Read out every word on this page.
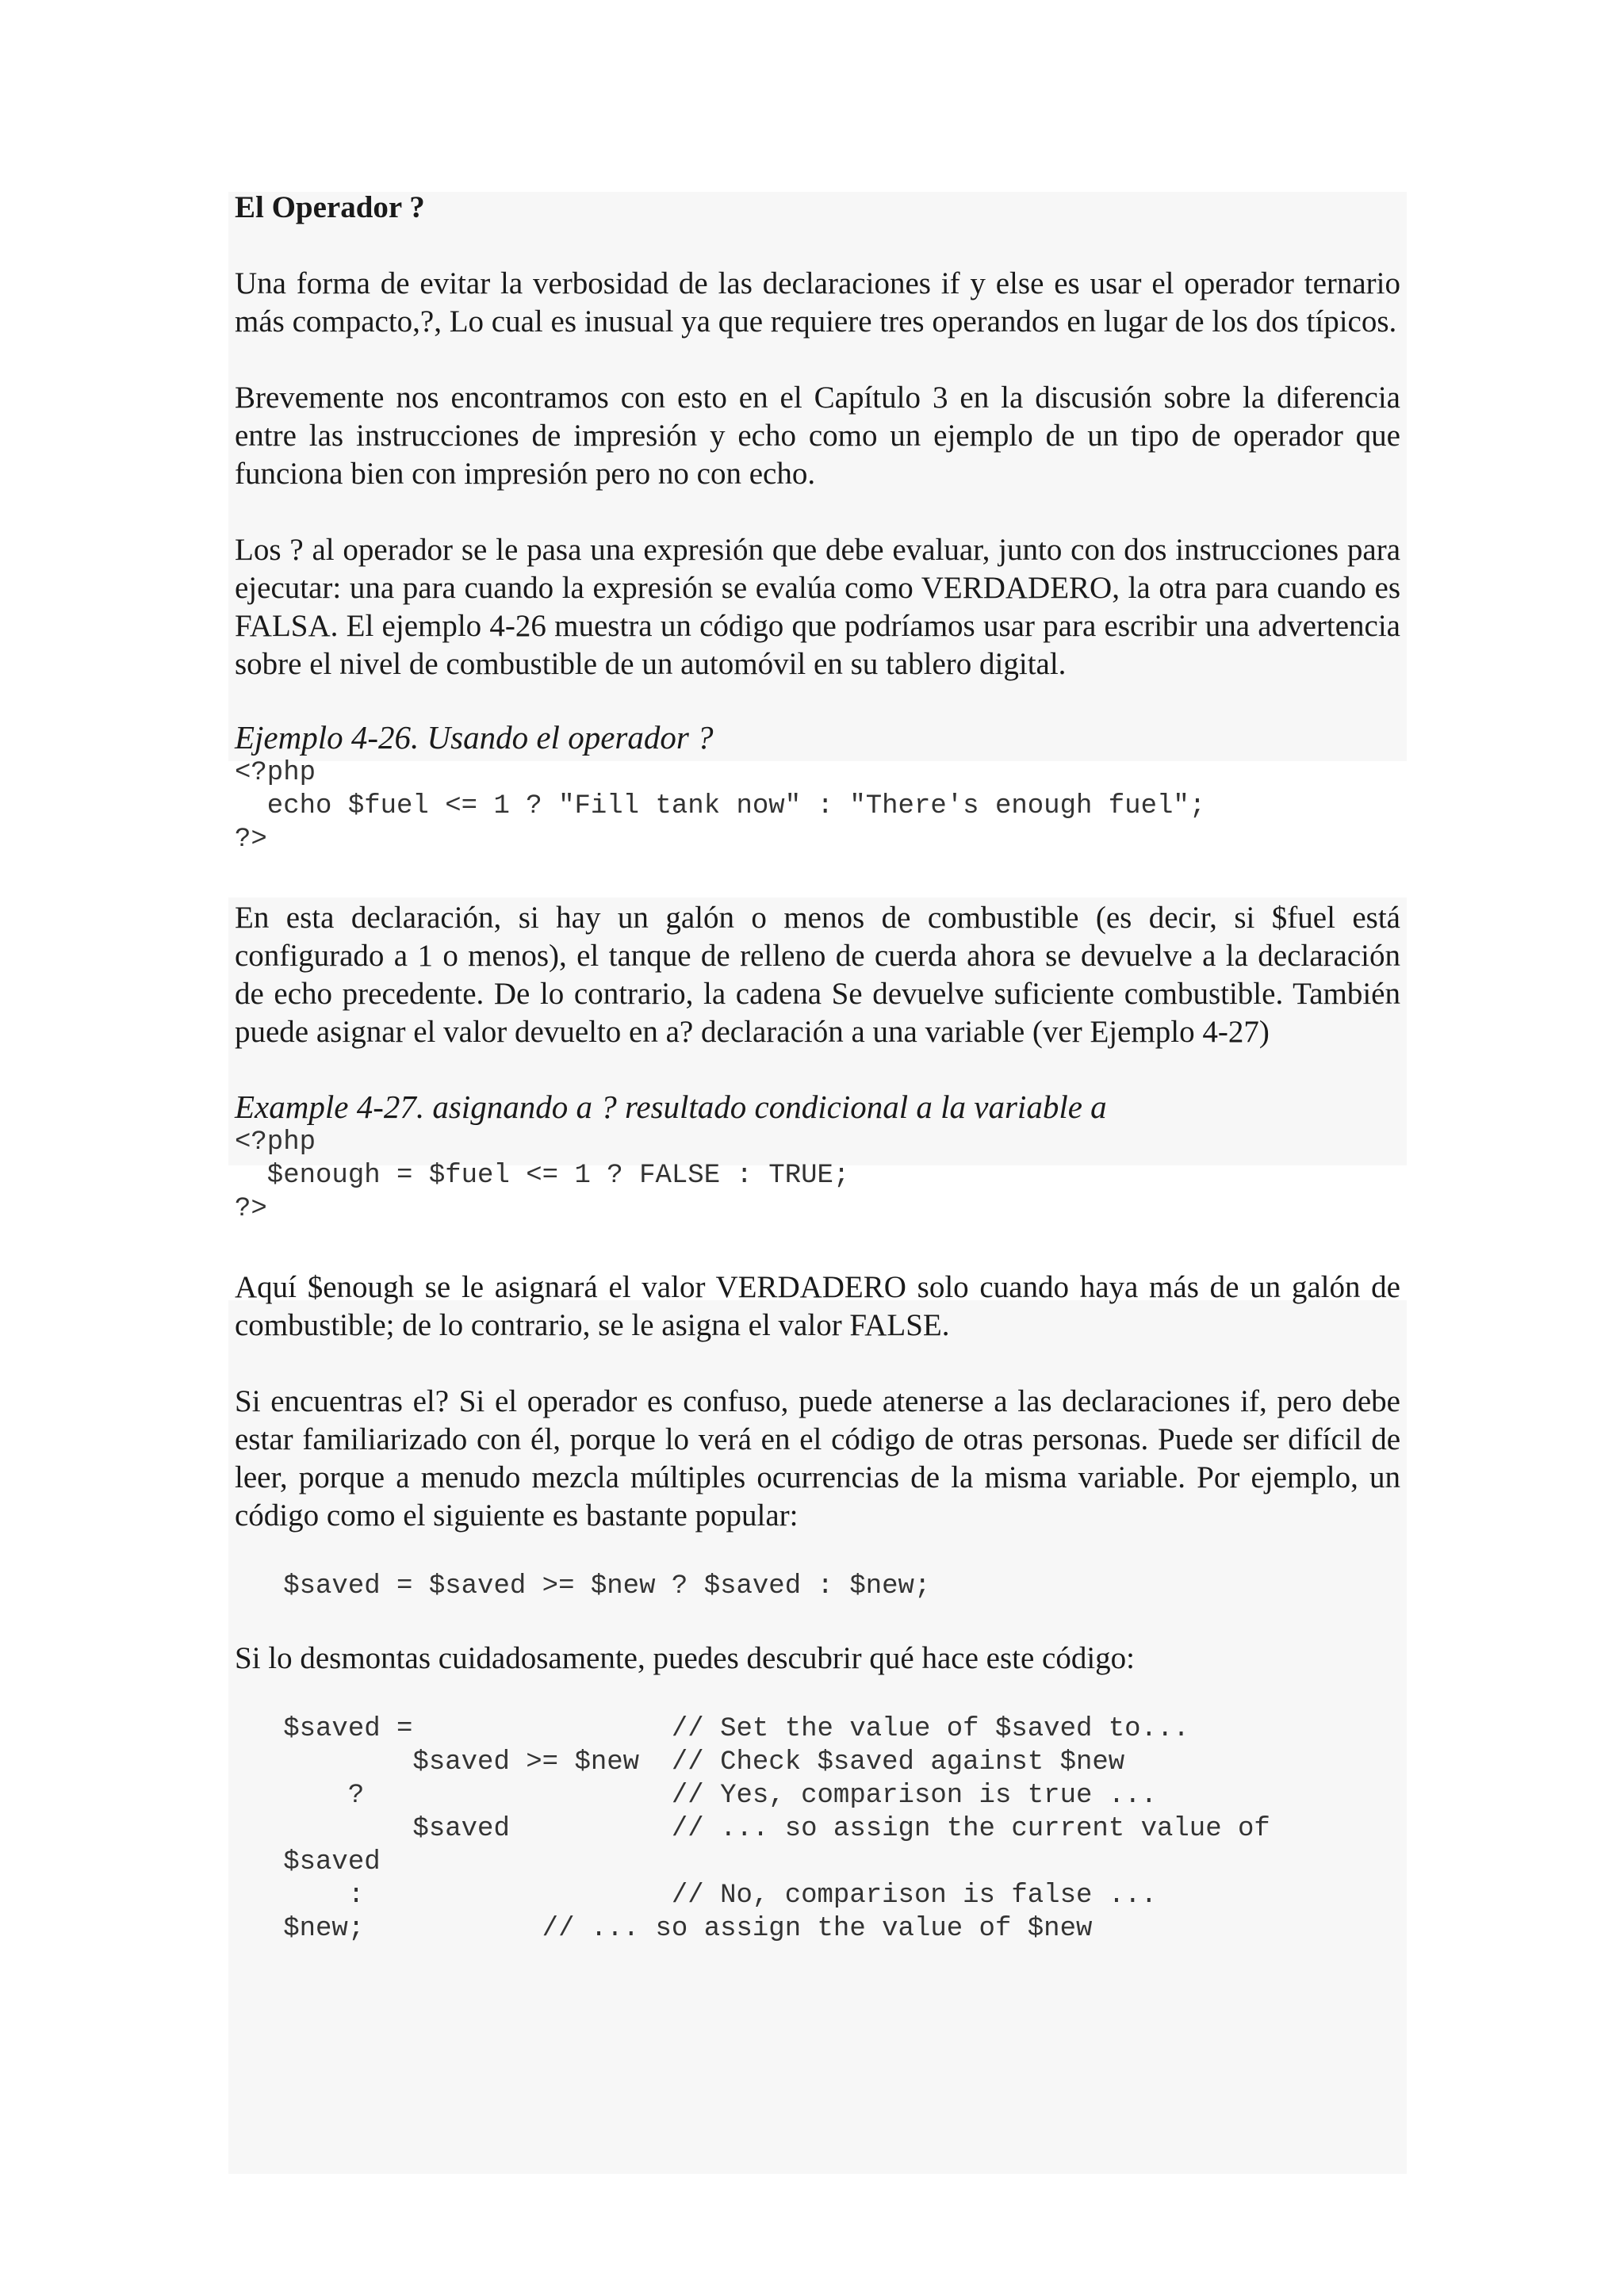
El Operador ?

Una forma de evitar la verbosidad de las declaraciones if y else es usar el operador ternario más compacto,?, Lo cual es inusual ya que requiere tres operandos en lugar de los dos típicos.

Brevemente nos encontramos con esto en el Capítulo 3 en la discusión sobre la diferencia entre las instrucciones de impresión y echo como un ejemplo de un tipo de operador que funciona bien con impresión pero no con echo.

Los ? al operador se le pasa una expresión que debe evaluar, junto con dos instrucciones para ejecutar: una para cuando la expresión se evalúa como VERDADERO, la otra para cuando es FALSA. El ejemplo 4-26 muestra un código que podríamos usar para escribir una advertencia sobre el nivel de combustible de un automóvil en su tablero digital.

Ejemplo 4-26. Usando el operador ?

<?php
echo $fuel <= 1 ? "Fill tank now" : "There's enough fuel";
?>

En esta declaración, si hay un galón o menos de combustible (es decir, si $fuel está configurado a 1 o menos), el tanque de relleno de cuerda ahora se devuelve a la declaración de echo precedente. De lo contrario, la cadena Se devuelve suficiente combustible. También puede asignar el valor devuelto en a? declaración a una variable (ver Ejemplo 4-27)

Example 4-27. asignando a ? resultado condicional a la variable a

<?php
$enough = $fuel <= 1 ? FALSE : TRUE;
?>

Aquí $enough se le asignará el valor VERDADERO solo cuando haya más de un galón de combustible; de lo contrario, se le asigna el valor FALSE.

Si encuentras el? Si el operador es confuso, puede atenerse a las declaraciones if, pero debe estar familiarizado con él, porque lo verá en el código de otras personas. Puede ser difícil de leer, porque a menudo mezcla múltiples ocurrencias de la misma variable. Por ejemplo, un código como el siguiente es bastante popular:

$saved = $saved >= $new ? $saved : $new;

Si lo desmontas cuidadosamente, puedes descubrir qué hace este código:

$saved =                // Set the value of $saved to...
$saved >= $new  // Check $saved against $new
?                   // Yes, comparison is true ...
$saved          // ... so assign the current value of
$saved
:                   // No, comparison is false ...
$new;           // ... so assign the value of $new
